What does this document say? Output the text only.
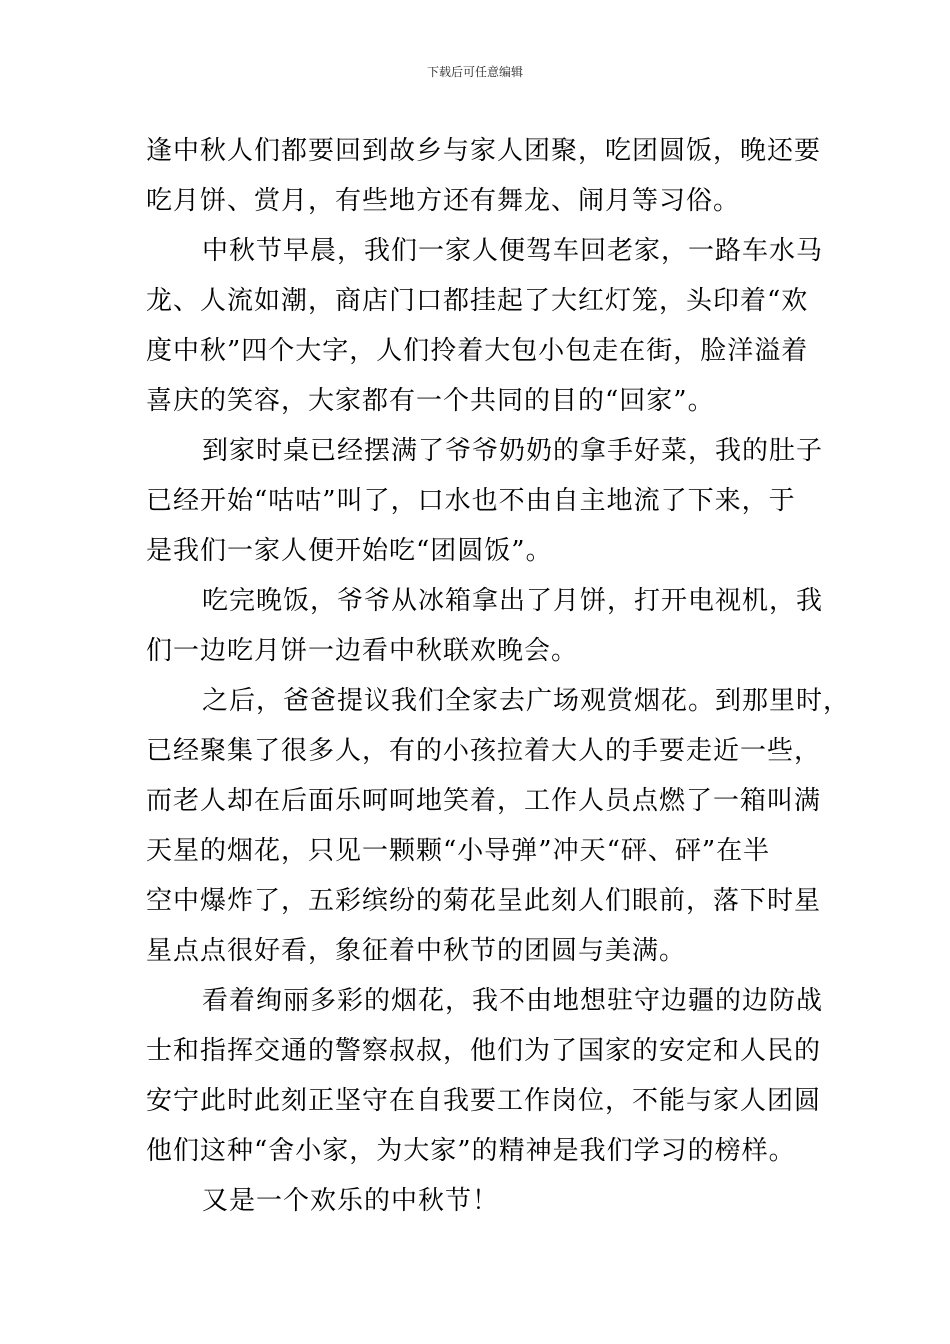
下载后可任意编辑
逢中秋人们都要回到故乡与家人团聚，吃团圆饭，晚还要
吃月饼、赏月，有些地方还有舞龙、闹月等习俗。
中秋节早晨，我们一家人便驾车回老家，一路车水马
龙、人流如潮，商店门口都挂起了大红灯笼，头印着“欢
度中秋”四个大字，人们拎着大包小包走在街，脸洋溢着
喜庆的笑容，大家都有一个共同的目的“回家”。
到家时桌已经摆满了爷爷奶奶的拿手好菜，我的肚子
已经开始“咕咕”叫了，口水也不由自主地流了下来，于
是我们一家人便开始吃“团圆饭”。
吃完晚饭，爷爷从冰箱拿出了月饼，打开电视机，我
们一边吃月饼一边看中秋联欢晚会。
之后，爸爸提议我们全家去广场观赏烟花。到那里时，
已经聚集了很多人，有的小孩拉着大人的手要走近一些，
而老人却在后面乐呵呵地笑着，工作人员点燃了一箱叫满
天星的烟花，只见一颗颗“小导弹”冲天“砰、砰”在半
空中爆炸了，五彩缤纷的菊花呈此刻人们眼前，落下时星
星点点很好看，象征着中秋节的团圆与美满。
看着绚丽多彩的烟花，我不由地想驻守边疆的边防战
士和指挥交通的警察叔叔，他们为了国家的安定和人民的
安宁此时此刻正坚守在自我要工作岗位，不能与家人团圆
他们这种“舍小家，为大家”的精神是我们学习的榜样。
又是一个欢乐的中秋节！
